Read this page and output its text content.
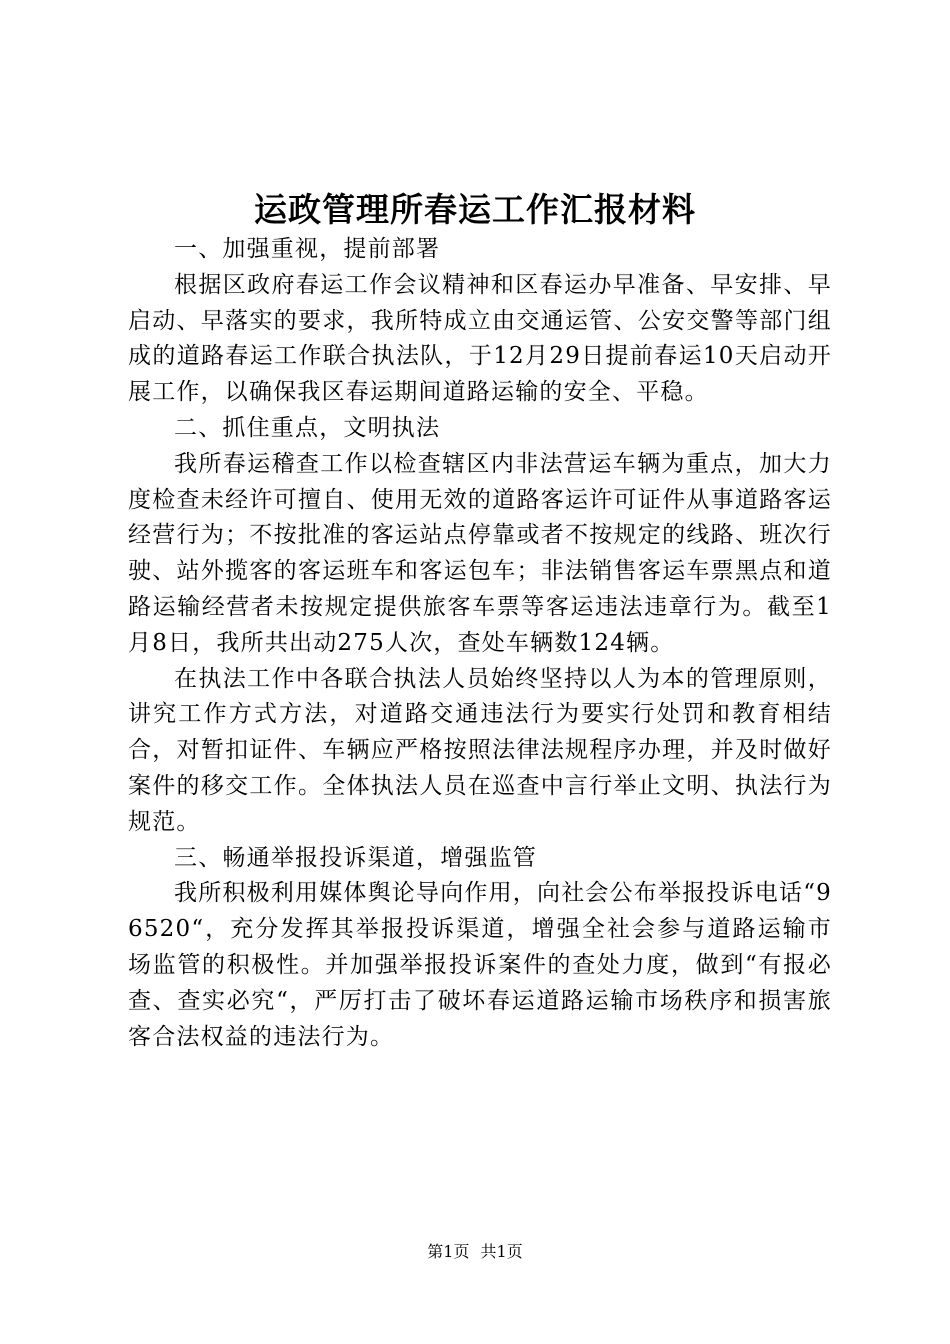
运政管理所春运工作汇报材料

一、加强重视，提前部署

根据区政府春运工作会议精神和区春运办早准备、早安排、早启动、早落实的要求，我所特成立由交通运管、公安交警等部门组成的道路春运工作联合执法队，于12月29日提前春运10天启动开展工作，以确保我区春运期间道路运输的安全、平稳。

二、抓住重点，文明执法

我所春运稽查工作以检查辖区内非法营运车辆为重点，加大力度检查未经许可擅自、使用无效的道路客运许可证件从事道路客运经营行为；不按批准的客运站点停靠或者不按规定的线路、班次行驶、站外揽客的客运班车和客运包车；非法销售客运车票黑点和道路运输经营者未按规定提供旅客车票等客运违法违章行为。截至1月8日，我所共出动275人次，查处车辆数124辆。

在执法工作中各联合执法人员始终坚持以人为本的管理原则，讲究工作方式方法，对道路交通违法行为要实行处罚和教育相结合，对暂扣证件、车辆应严格按照法律法规程序办理，并及时做好案件的移交工作。全体执法人员在巡查中言行举止文明、执法行为规范。

三、畅通举报投诉渠道，增强监管

我所积极利用媒体舆论导向作用，向社会公布举报投诉电话“96520“，充分发挥其举报投诉渠道，增强全社会参与道路运输市场监管的积极性。并加强举报投诉案件的查处力度，做到“有报必查、查实必究“，严厉打击了破坏春运道路运输市场秩序和损害旅客合法权益的违法行为。

第1页 共1页
